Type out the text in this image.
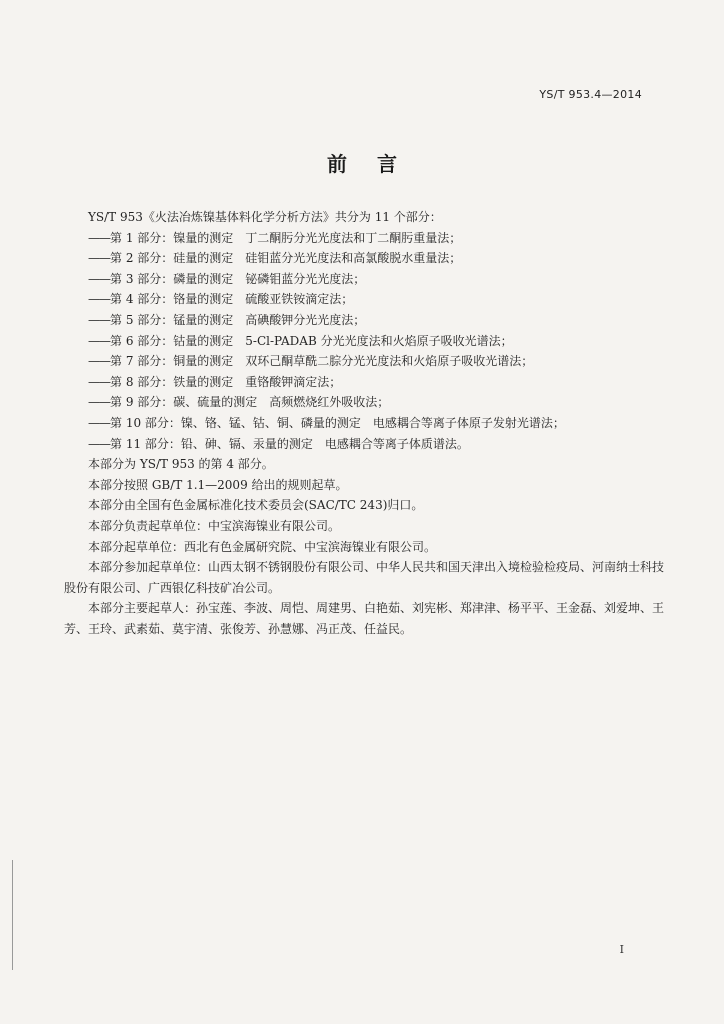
YS/T 953.4—2014
前言
YS/T 953《火法冶炼镍基体料化学分析方法》共分为 11 个部分：
——第 1 部分：镍量的测定 丁二酮肟分光光度法和丁二酮肟重量法；
——第 2 部分：硅量的测定 硅钼蓝分光光度法和高氯酸脱水重量法；
——第 3 部分：磷量的测定 铋磷钼蓝分光光度法；
——第 4 部分：铬量的测定 硫酸亚铁铵滴定法；
——第 5 部分：锰量的测定 高碘酸钾分光光度法；
——第 6 部分：钴量的测定 5-Cl-PADAB 分光光度法和火焰原子吸收光谱法；
——第 7 部分：铜量的测定 双环己酮草酰二腙分光光度法和火焰原子吸收光谱法；
——第 8 部分：铁量的测定 重铬酸钾滴定法；
——第 9 部分：碳、硫量的测定 高频燃烧红外吸收法；
——第 10 部分：镍、铬、锰、钴、铜、磷量的测定 电感耦合等离子体原子发射光谱法；
——第 11 部分：铅、砷、镉、汞量的测定 电感耦合等离子体质谱法。
本部分为 YS/T 953 的第 4 部分。
本部分按照 GB/T 1.1—2009 给出的规则起草。
本部分由全国有色金属标准化技术委员会(SAC/TC 243)归口。
本部分负责起草单位：中宝滨海镍业有限公司。
本部分起草单位：西北有色金属研究院、中宝滨海镍业有限公司。
本部分参加起草单位：山西太钢不锈钢股份有限公司、中华人民共和国天津出入境检验检疫局、河南纳士科技股份有限公司、广西银亿科技矿冶公司。
本部分主要起草人：孙宝莲、李波、周恺、周建男、白艳茹、刘宪彬、郑津津、杨平平、王金磊、刘爱坤、王芳、王玲、武素茹、莫宇清、张俊芳、孙慧娜、冯正茂、任益民。
I
